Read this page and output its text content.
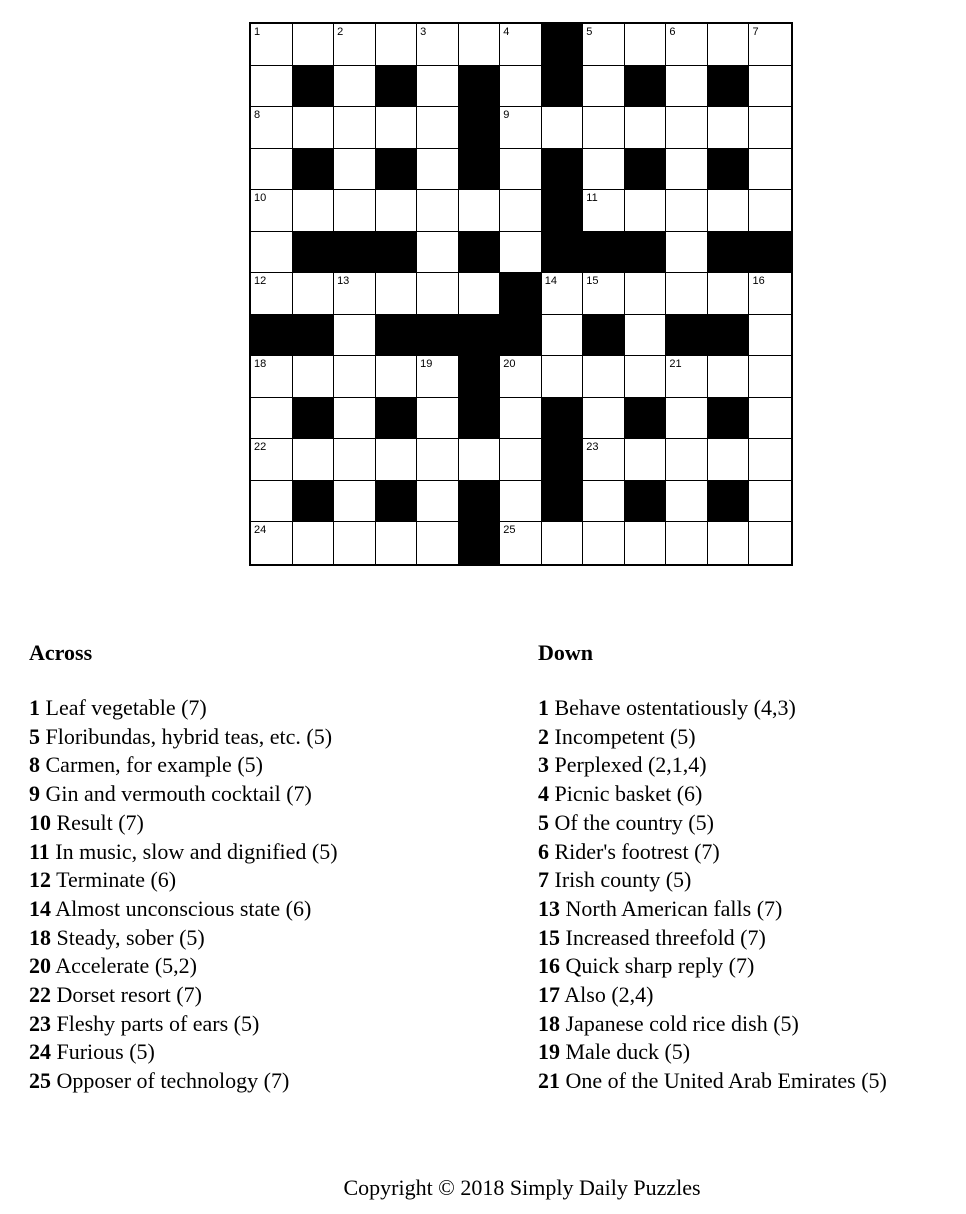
1	2	3	4	5	6	7
8	9
10	11
12	13	14	15	16
17
18	19	20	21
22	23
24	25
Across
1 Leaf vegetable (7)
5 Floribundas, hybrid teas, etc. (5)
8 Carmen, for example (5)
9 Gin and vermouth cocktail (7)
10 Result (7)
11 In music, slow and dignified (5)
12 Terminate (6)
14 Almost unconscious state (6)
18 Steady, sober (5)
20 Accelerate (5,2)
22 Dorset resort (7)
23 Fleshy parts of ears (5)
24 Furious (5)
25 Opposer of technology (7)
Down
1 Behave ostentatiously (4,3)
2 Incompetent (5)
3 Perplexed (2,1,4)
4 Picnic basket (6)
5 Of the country (5)
6 Rider's footrest (7)
7 Irish county (5)
13 North American falls (7)
15 Increased threefold (7)
16 Quick sharp reply (7)
17 Also (2,4)
18 Japanese cold rice dish (5)
19 Male duck (5)
21 One of the United Arab Emirates (5)
Copyright © 2018 Simply Daily Puzzles
